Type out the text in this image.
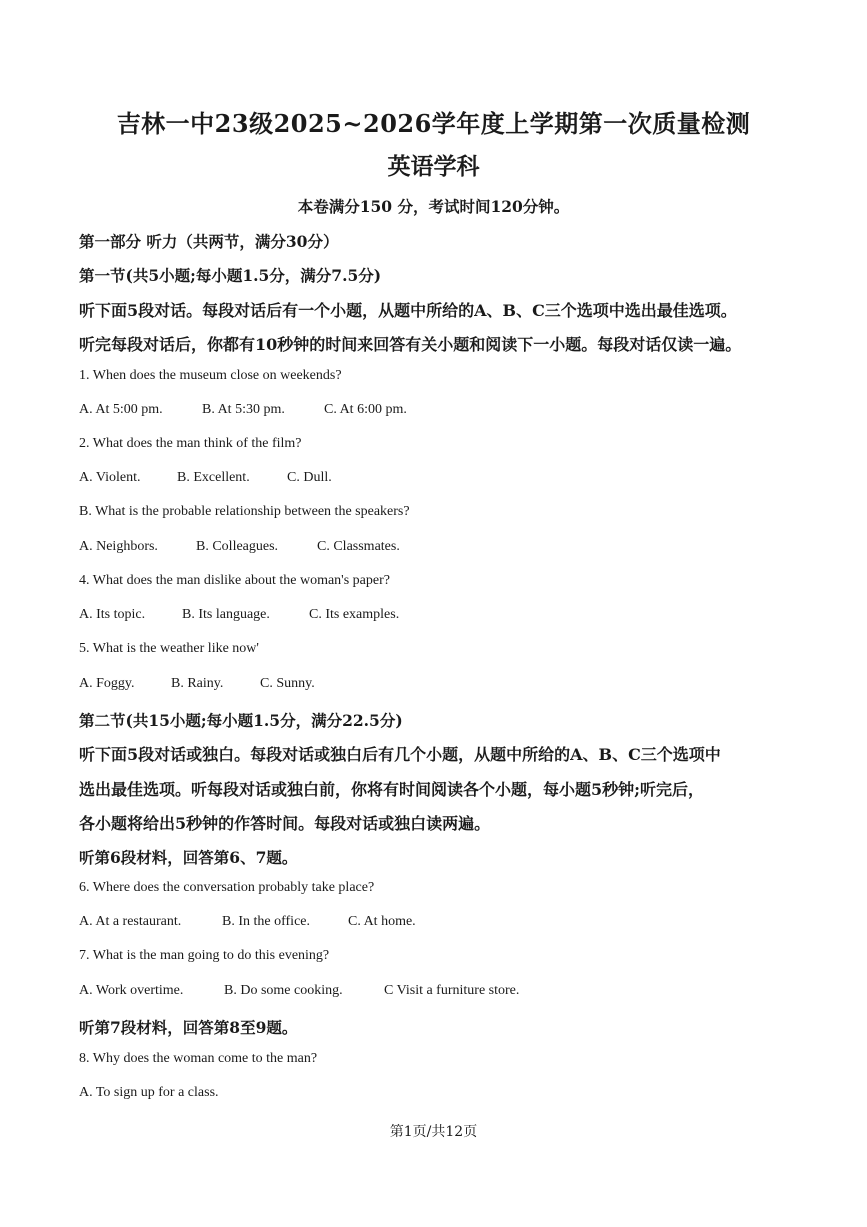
吉林一中23级2025~2026学年度上学期第一次质量检测
英语学科
本卷满分150 分，考试时间120分钟。
第一部分 听力（共两节，满分30分）
第一节(共5小题;每小题1.5分，满分7.5分)
听下面5段对话。每段对话后有一个小题，从题中所给的A、B、C三个选项中选出最佳选项。
听完每段对话后，你都有10秒钟的时间来回答有关小题和阅读下一小题。每段对话仅读一遍。
1. When does the museum close on weekends?
A. At 5:00 pm.	B. At 5:30 pm.	C. At 6:00 pm.
2. What does the man think of the film?
A. Violent.	B. Excellent.	C. Dull.
B. What is the probable relationship between the speakers?
A. Neighbors.	B. Colleagues.	C. Classmates.
4. What does the man dislike about the woman's paper?
A. Its topic.	B. Its language.	C. Its examples.
5. What is the weather like now'
A. Foggy.	B. Rainy.	C. Sunny.
第二节(共15小题;每小题1.5分，满分22.5分)
听下面5段对话或独白。每段对话或独白后有几个小题，从题中所给的A、B、C三个选项中
选出最佳选项。听每段对话或独白前，你将有时间阅读各个小题，每小题5秒钟;听完后，
各小题将给出5秒钟的作答时间。每段对话或独白读两遍。
听第6段材料，回答第6、7题。
6. Where does the conversation probably take place?
A. At a restaurant.	B. In the office.	C. At home.
7. What is the man going to do this evening?
A. Work overtime.	B. Do some cooking.	C Visit a furniture store.
听第7段材料，回答第8至9题。
8. Why does the woman come to the man?
A. To sign up for a class.
第1页/共12页
